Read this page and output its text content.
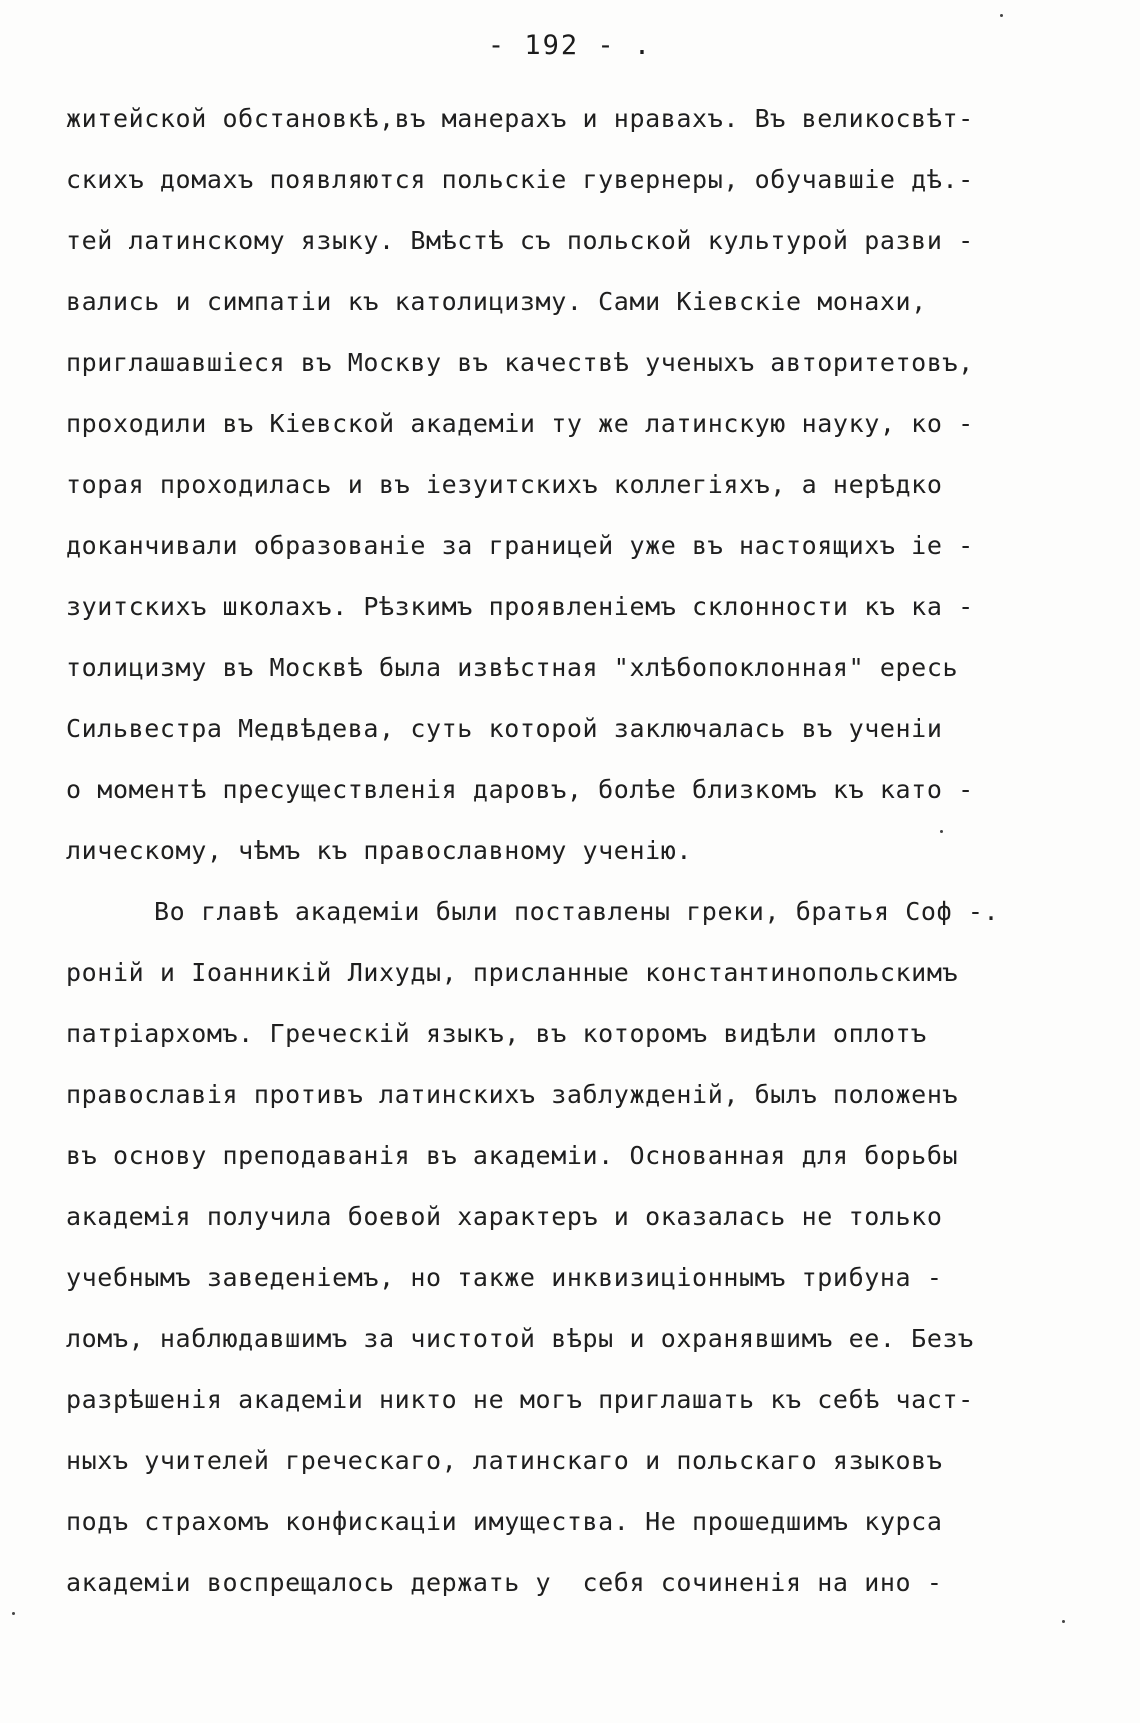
- 192 - .
житейской обстановкѣ,въ манерахъ и нравахъ. Въ великосвѣт-
скихъ домахъ появляются польскіе гувернеры, обучавшіе дѣ.-
тей латинскому языку. Вмѣстѣ съ польской культурой разви -
вались и симпатіи къ католицизму. Сами Кіевскіе монахи,
приглашавшіеся въ Москву въ качествѣ ученыхъ авторитетовъ,
проходили въ Кіевской академіи ту же латинскую науку, ко -
торая проходилась и въ іезуитскихъ коллегіяхъ, а нерѣдко
доканчивали образованіе за границей уже въ настоящихъ іе -
зуитскихъ школахъ. Рѣзкимъ проявленіемъ склонности къ ка -
толицизму въ Москвѣ была извѣстная "хлѣбопоклонная" ересь
Сильвестра Медвѣдева, суть которой заключалась въ ученіи
о моментѣ пресуществленія даровъ, болѣе близкомъ къ като -
лическому, чѣмъ къ православному ученію.
Во главѣ академіи были поставлены греки, братья Соф -.
роній и Іоанникій Лихуды, присланные константинопольскимъ
патріархомъ. Греческій языкъ, въ которомъ видѣли оплотъ
православія противъ латинскихъ заблужденій, былъ положенъ
въ основу преподаванія въ академіи. Основанная для борьбы
академія получила боевой характеръ и оказалась не только
учебнымъ заведеніемъ, но также инквизиціоннымъ трибуна -
ломъ, наблюдавшимъ за чистотой вѣры и охранявшимъ ее. Безъ
разрѣшенія академіи никто не могъ приглашать къ себѣ част-
ныхъ учителей греческаго, латинскаго и польскаго языковъ
подъ страхомъ конфискаціи имущества. Не прошедшимъ курса
академіи воспрещалось держать у  себя сочиненія на ино -
